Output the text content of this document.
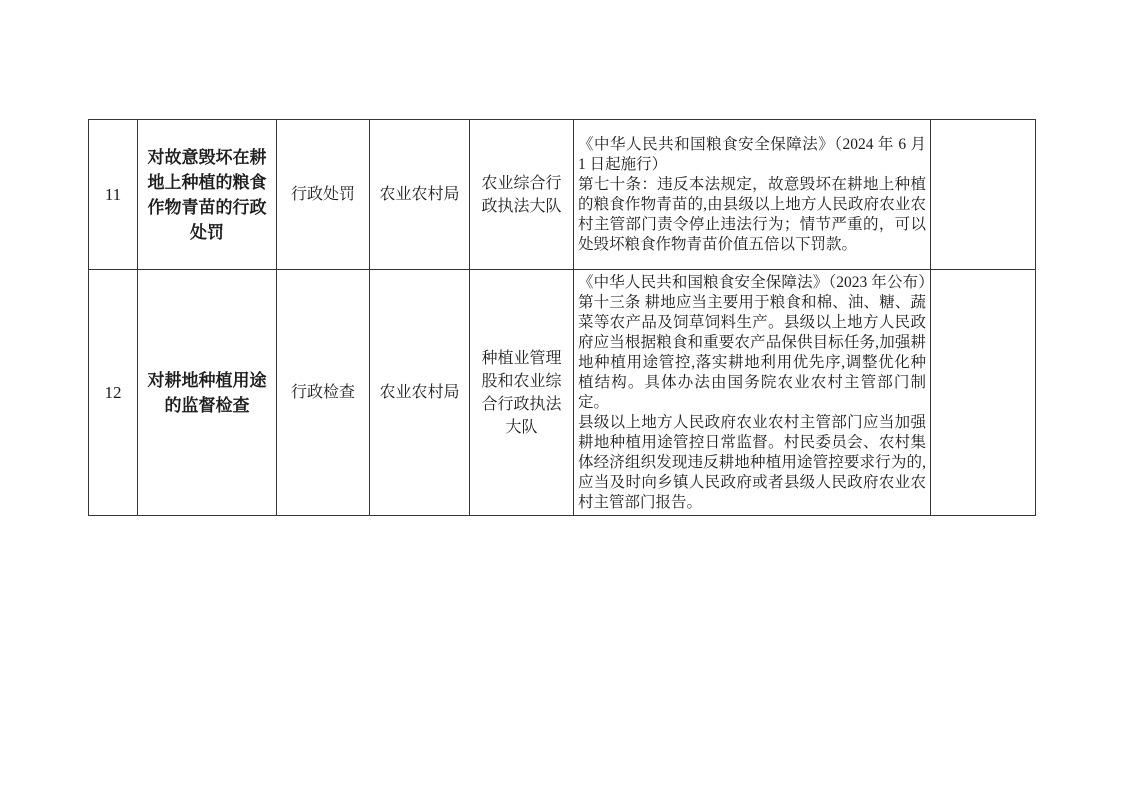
11	对故意毁坏在耕地上种植的粮食作物青苗的行政处罚	行政处罚	农业农村局	农业综合行政执法大队	《中华人民共和国粮食安全保障法》（2024 年 6 月 1 日起施行）
第七十条：违反本法规定，故意毁坏在耕地上种植的粮食作物青苗的,由县级以上地方人民政府农业农村主管部门责令停止违法行为；情节严重的，可以处毁坏粮食作物青苗价值五倍以下罚款。	

12	对耕地种植用途的监督检查	行政检查	农业农村局	种植业管理股和农业综合行政执法大队	《中华人民共和国粮食安全保障法》（2023 年公布）第十三条 耕地应当主要用于粮食和棉、油、糖、蔬菜等农产品及饲草饲料生产。县级以上地方人民政府应当根据粮食和重要农产品保供目标任务,加强耕地种植用途管控,落实耕地利用优先序,调整优化种植结构。具体办法由国务院农业农村主管部门制定。
县级以上地方人民政府农业农村主管部门应当加强耕地种植用途管控日常监督。村民委员会、农村集体经济组织发现违反耕地种植用途管控要求行为的,应当及时向乡镇人民政府或者县级人民政府农业农村主管部门报告。	
